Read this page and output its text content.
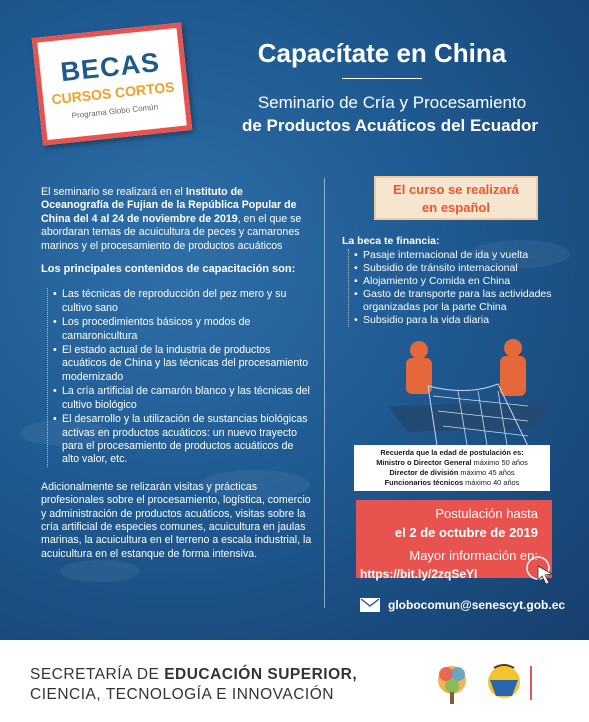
BECAS
CURSOS CORTOS
Programa Globo Común
Capacítate en China
Seminario de Cría y Procesamiento
de Productos Acuáticos del Ecuador

El seminario se realizará en el Instituto de Oceanografía de Fujian de la República Popular de China del 4 al 24 de noviembre de 2019, en el que se abordaran temas de acuicultura de peces y camarones marinos y el procesamiento de productos acuáticos

Los principales contenidos de capacitación son:
• Las técnicas de reproducción del pez mero y su cultivo sano
• Los procedimientos básicos y modos de camaronicultura
• El estado actual de la industria de productos acuáticos de China y las técnicas del procesamiento modernizado
• La cría artificial de camarón blanco y las técnicas del cultivo biológico
• El desarrollo y la utilización de sustancias biológicas activas en productos acuáticos: un nuevo trayecto para el procesamiento de productos acuáticos de alto valor, etc.

Adicionalmente se relizarán visitas y prácticas profesionales sobre el procesamiento, logística, comercio y administración de productos acuáticos, visitas sobre la cría artificial de especies comunes, acuicultura en jaulas marinas, la acuicultura en el terreno a escala industrial, la acuicultura en el estanque de forma intensiva.

El curso se realizará
en español
La beca te financia:
• Pasaje internacional de ida y vuelta
• Subsidio de tránsito internacional
• Alojamiento y Comida en China
• Gasto de transporte para las actividades organizadas por la parte China
• Subsidio para la vida diaria
Recuerda que la edad de postulación es:
Ministro o Director General máximo 50 años
Director de división máximo 45 años
Funcionarios técnicos máximo 40 años
Postulación hasta
el 2 de octubre de 2019
Mayor información en:
https://bit.ly/2zqSeYl
globocomun@senescyt.gob.ec
SECRETARÍA DE EDUCACIÓN SUPERIOR,
CIENCIA, TECNOLOGÍA E INNOVACIÓN
